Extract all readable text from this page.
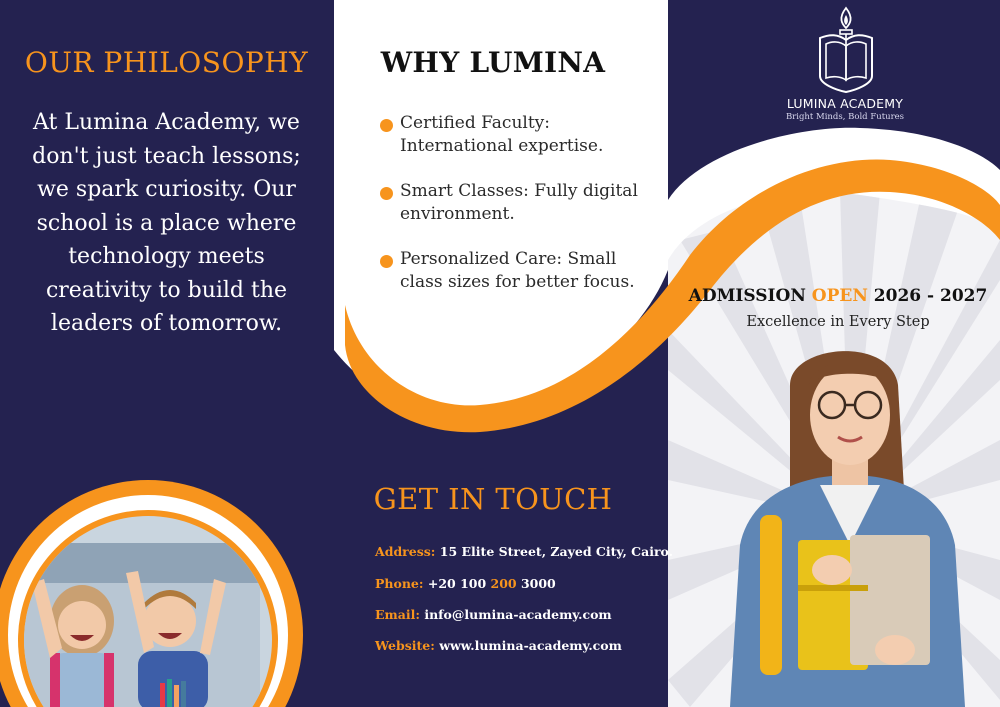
OUR PHILOSOPHY
At Lumina Academy, we don't just teach lessons; we spark curiosity. Our school is a place where technology meets creativity to build the leaders of tomorrow.
WHY LUMINA
Certified Faculty: International expertise.
Smart Classes: Fully digital environment.
Personalized Care: Small class sizes for better focus.
GET IN TOUCH
Address: 15 Elite Street, Zayed City, Cairo.
Phone: +20 100 200 3000
Email: info@lumina-academy.com
Website: www.lumina-academy.com
LUMINA ACADEMY
Bright Minds, Bold Futures
ADMISSION OPEN 2026 - 2027
Excellence in Every Step
